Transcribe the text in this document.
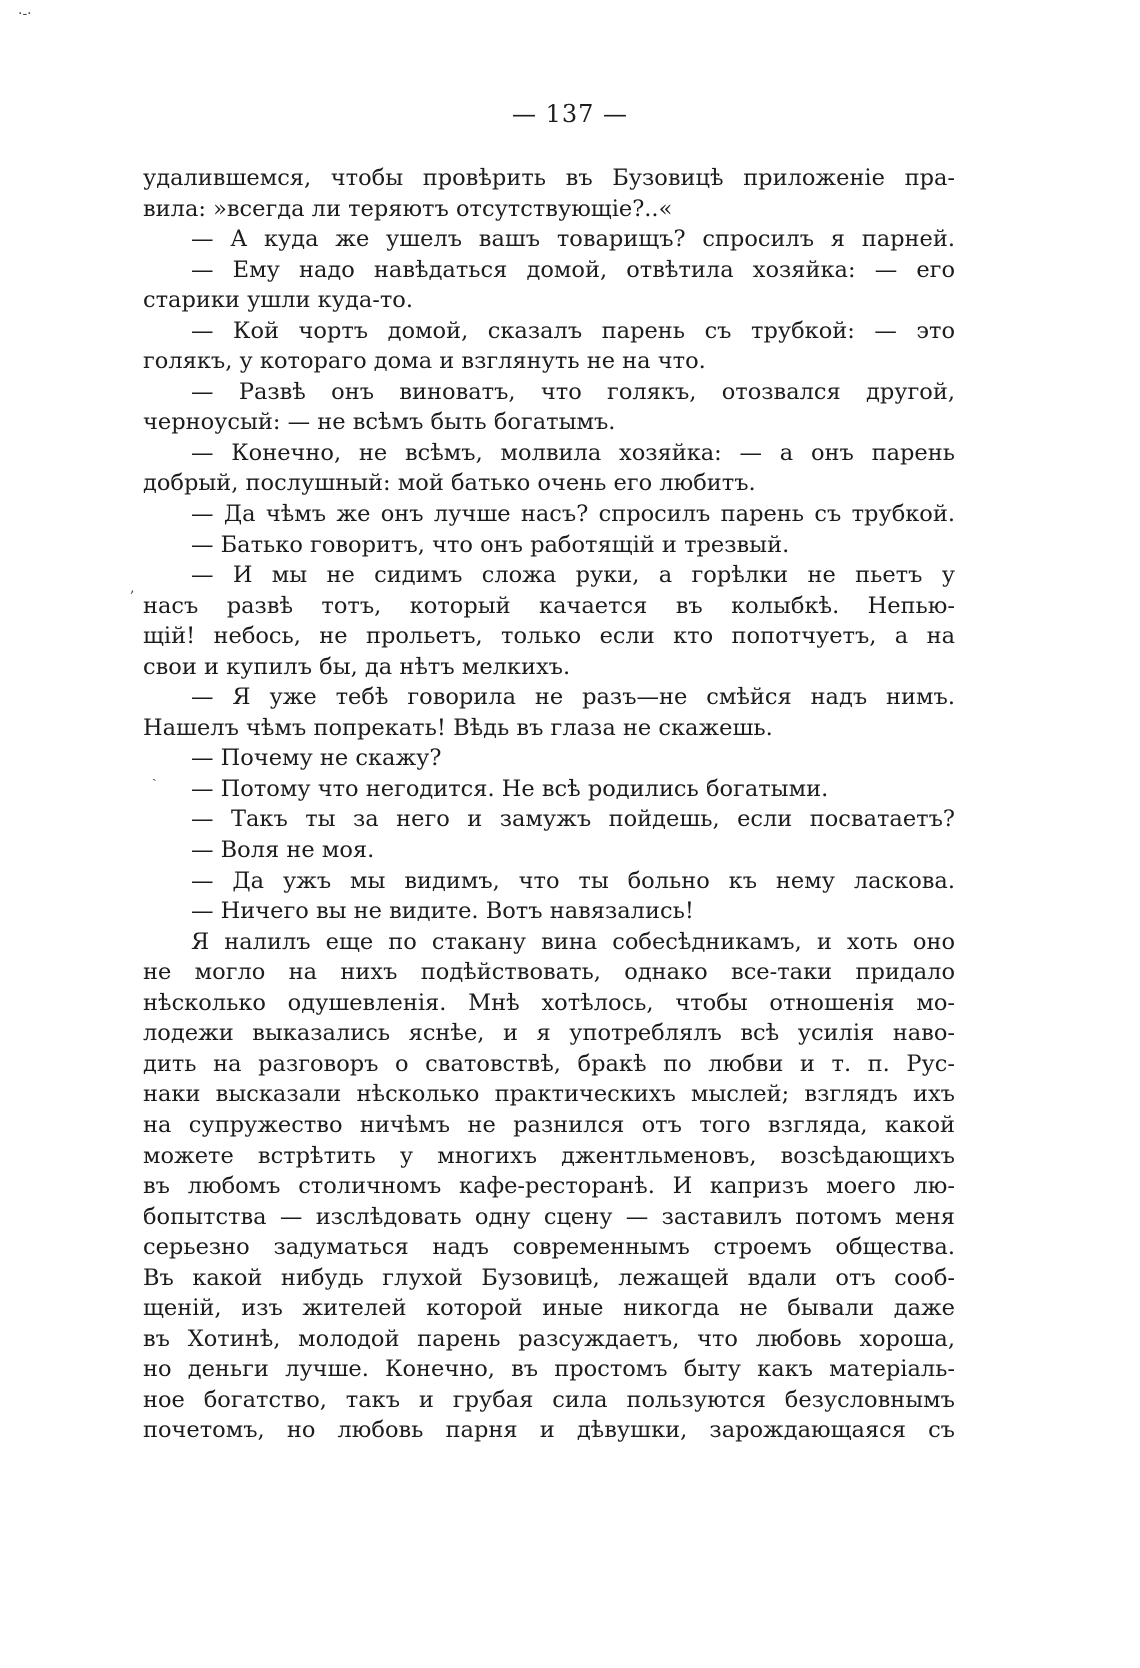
— 137 —
удалившемся, чтобы провѣрить въ Бузовицѣ приложеніе пра-
вила: »всегда ли теряютъ отсутствующіе?..«
— А куда же ушелъ вашъ товарищъ? спросилъ я парней.
— Ему надо навѣдаться домой, отвѣтила хозяйка: — его
старики ушли куда-то.
— Кой чортъ домой, сказалъ парень съ трубкой: — это
голякъ, у котораго дома и взглянуть не на что.
— Развѣ онъ виноватъ, что голякъ, отозвался другой,
черноусый: — не всѣмъ быть богатымъ.
— Конечно, не всѣмъ, молвила хозяйка: — а онъ парень
добрый, послушный: мой батько очень его любитъ.
— Да чѣмъ же онъ лучше насъ? спросилъ парень съ трубкой.
— Батько говоритъ, что онъ работящій и трезвый.
— И мы не сидимъ сложа руки, а горѣлки не пьетъ у
насъ развѣ тотъ, который качается въ колыбкѣ. Непью-
щій! небось, не прольетъ, только если кто попотчуетъ, а на
свои и купилъ бы, да нѣтъ мелкихъ.
— Я уже тебѣ говорила не разъ—не смѣйся надъ нимъ.
Нашелъ чѣмъ попрекать! Вѣдь въ глаза не скажешь.
— Почему не скажу?
— Потому что негодится. Не всѣ родились богатыми.
— Такъ ты за него и замужъ пойдешь, если посватаетъ?
— Воля не моя.
— Да ужъ мы видимъ, что ты больно къ нему ласкова.
— Ничего вы не видите. Вотъ навязались!
Я налилъ еще по стакану вина собесѣдникамъ, и хоть оно
не могло на нихъ подѣйствовать, однако все-таки придало
нѣсколько одушевленія. Мнѣ хотѣлось, чтобы отношенія мо-
лодежи выказались яснѣе, и я употреблялъ всѣ усилія наво-
дить на разговоръ о сватовствѣ, бракѣ по любви и т. п. Рус-
наки высказали нѣсколько практическихъ мыслей; взглядъ ихъ
на супружество ничѣмъ не разнился отъ того взгляда, какой
можете встрѣтить у многихъ джентльменовъ, возсѣдающихъ
въ любомъ столичномъ кафе-ресторанѣ. И капризъ моего лю-
бопытства — изслѣдовать одну сцену — заставилъ потомъ меня
серьезно задуматься надъ современнымъ строемъ общества.
Въ какой нибудь глухой Бузовицѣ, лежащей вдали отъ сооб-
щеній, изъ жителей которой иные никогда не бывали даже
въ Хотинѣ, молодой парень разсуждаетъ, что любовь хороша,
но деньги лучше. Конечно, въ простомъ быту какъ матеріаль-
ное богатство, такъ и грубая сила пользуются безусловнымъ
почетомъ, но любовь парня и дѣвушки, зарождающаяся съ
·‐·
‚
ˏ
